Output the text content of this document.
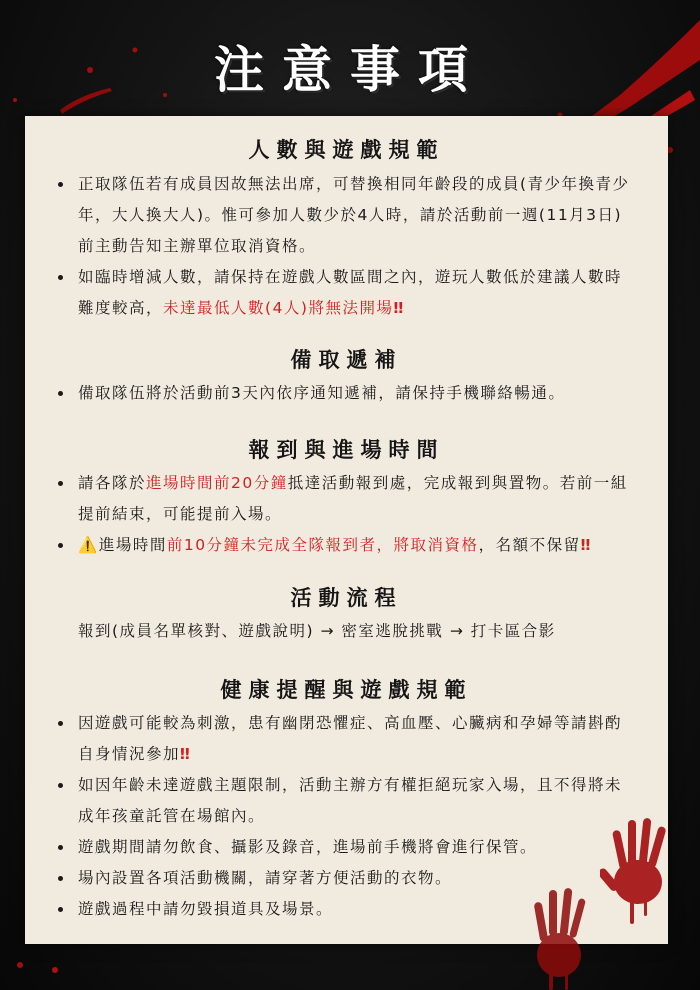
注意事項
人數與遊戲規範
正取隊伍若有成員因故無法出席，可替換相同年齡段的成員(青少年換青少年，大人換大人)。惟可參加人數少於4人時，請於活動前一週(11月3日)前主動告知主辦單位取消資格。
如臨時增減人數，請保持在遊戲人數區間之內，遊玩人數低於建議人數時難度較高，未達最低人數(4人)將無法開場‼
備取遞補
備取隊伍將於活動前3天內依序通知遞補，請保持手機聯絡暢通。
報到與進場時間
請各隊於進場時間前20分鐘抵達活動報到處，完成報到與置物。若前一組提前結束，可能提前入場。
⚠️進場時間前10分鐘未完成全隊報到者，將取消資格，名額不保留‼
活動流程
報到(成員名單核對、遊戲說明) → 密室逃脫挑戰 → 打卡區合影
健康提醒與遊戲規範
因遊戲可能較為刺激，患有幽閉恐懼症、高血壓、心臟病和孕婦等請斟酌自身情況參加‼
如因年齡未達遊戲主題限制，活動主辦方有權拒絕玩家入場，且不得將未成年孩童託管在場館內。
遊戲期間請勿飲食、攝影及錄音，進場前手機將會進行保管。
場內設置各項活動機關，請穿著方便活動的衣物。
遊戲過程中請勿毀損道具及場景。
